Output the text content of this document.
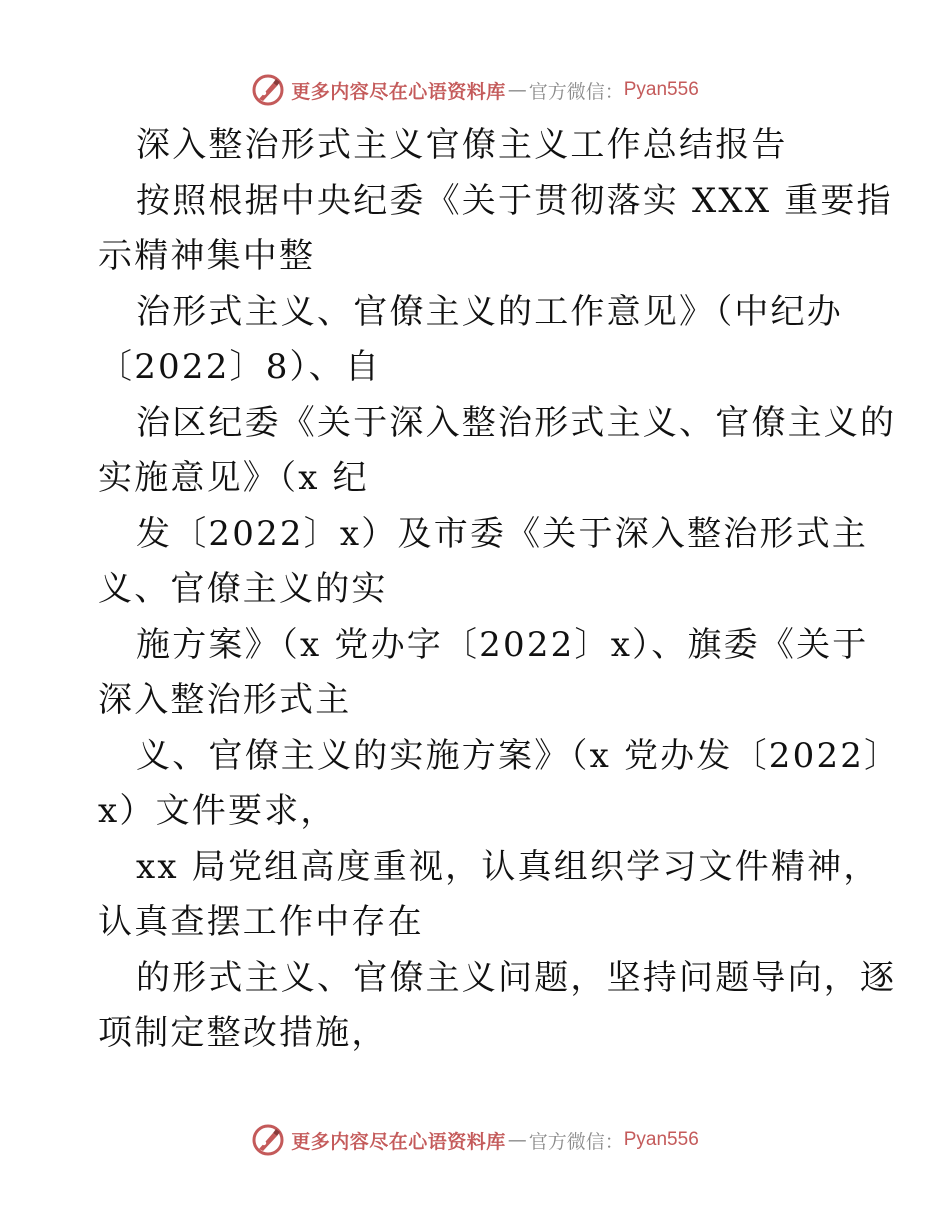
更多内容尽在心语资料库 — 官方微信： Pyan556
深入整治形式主义官僚主义工作总结报告
按照根据中央纪委《关于贯彻落实 XXX 重要指
示精神集中整
治形式主义、官僚主义的工作意见》（中纪办
〔2022〕8）、自
治区纪委《关于深入整治形式主义、官僚主义的
实施意见》（x 纪
发〔2022〕x）及市委《关于深入整治形式主
义、官僚主义的实
施方案》（x 党办字〔2022〕x）、旗委《关于
深入整治形式主
义、官僚主义的实施方案》（x 党办发〔2022〕
x）文件要求，
xx 局党组高度重视，认真组织学习文件精神，
认真查摆工作中存在
的形式主义、官僚主义问题，坚持问题导向，逐
项制定整改措施，
更多内容尽在心语资料库 — 官方微信： Pyan556
